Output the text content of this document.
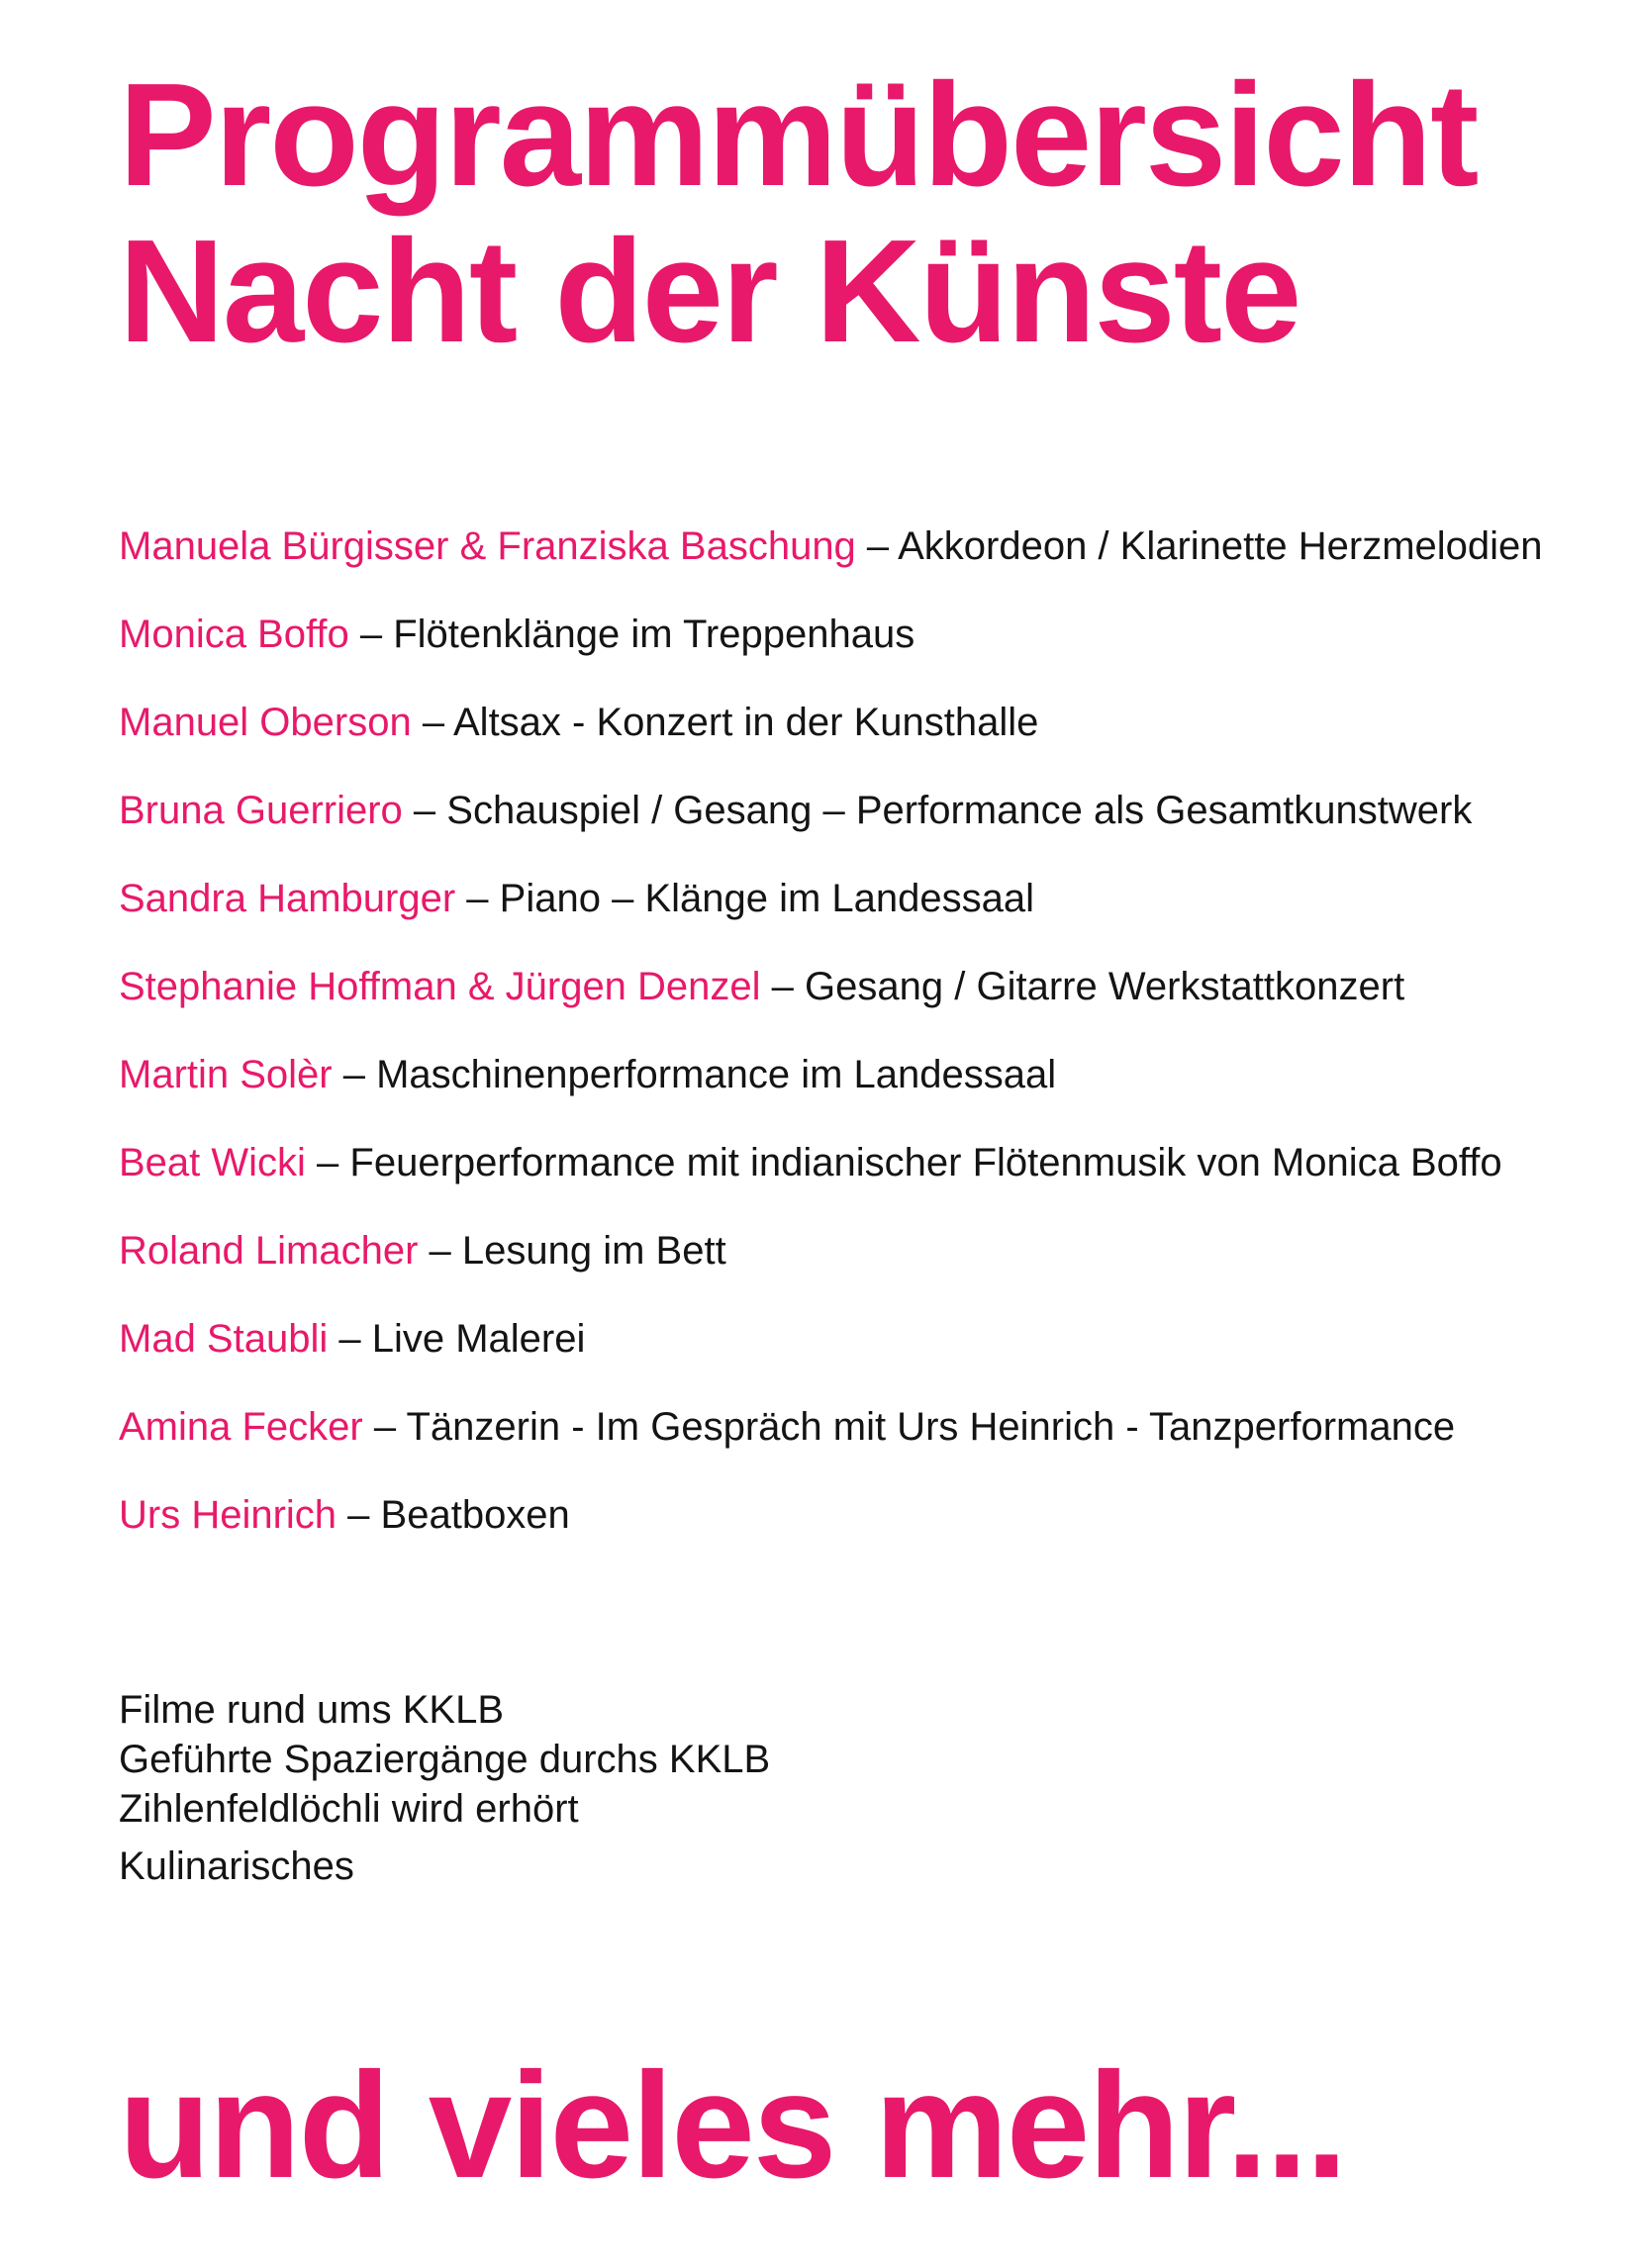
Programmübersicht
Nacht der Künste
Manuela Bürgisser & Franziska Baschung – Akkordeon / Klarinette Herzmelodien
Monica Boffo – Flötenklänge im Treppenhaus
Manuel Oberson – Altsax - Konzert in der Kunsthalle
Bruna Guerriero – Schauspiel / Gesang – Performance als Gesamtkunstwerk
Sandra Hamburger – Piano – Klänge im Landessaal
Stephanie Hoffman & Jürgen Denzel – Gesang / Gitarre Werkstattkonzert
Martin Solèr – Maschinenperformance im Landessaal
Beat Wicki – Feuerperformance mit indianischer Flötenmusik von Monica Boffo
Roland Limacher – Lesung im Bett
Mad Staubli – Live Malerei
Amina Fecker – Tänzerin - Im Gespräch mit Urs Heinrich - Tanzperformance
Urs Heinrich – Beatboxen
Filme rund ums KKLB
Geführte Spaziergänge durchs KKLB
Zihlenfeldlöchli wird erhört
Kulinarisches
und vieles mehr...
